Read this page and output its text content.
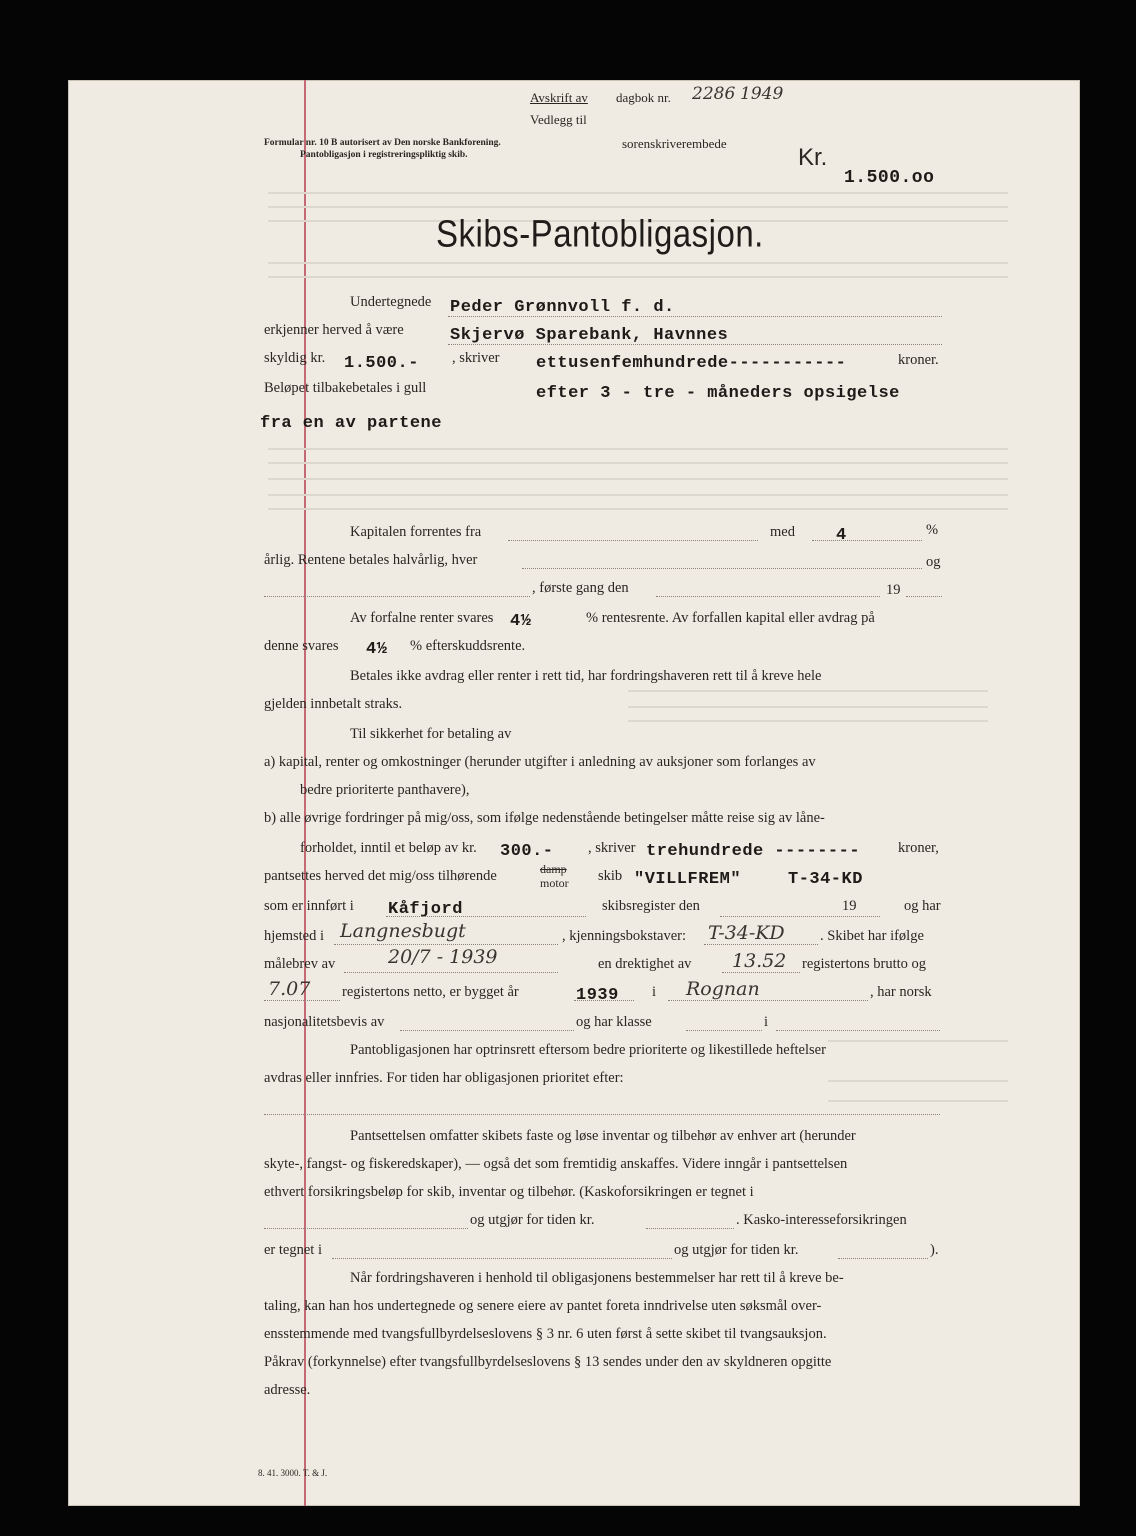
Avskrift av dagbok nr. 2286 1949
Vedlegg til
Formular nr. 10 B autorisert av Den norske Bankforening.
Pantobligasjon i registreringspliktig skib.
sorenskriverembede
Kr.
1.500.oo
Skibs-Pantobligasjon.
Undertegnede Peder Grønnvoll f. d.
erkjenner herved å være	Skjervø Sparebank, Havnnes
skyldig kr. 1.500.- , skriver ettusenfemhundrede-----------	kroner.
Beløpet tilbakebetales i gull	efter 3 - tre - måneders opsigelse
fra en av partene
Kapitalen forrentes fra	med 4	%
årlig. Rentene betales halvårlig, hver	og
, første gang den	19
Av forfalne renter svares 4½	% rentesrente. Av forfallen kapital eller avdrag på
denne svares 4½ % efterskuddsrente.
Betales ikke avdrag eller renter i rett tid, har fordringshaveren rett til å kreve hele
gjelden innbetalt straks.
Til sikkerhet for betaling av
a) kapital, renter og omkostninger (herunder utgifter i anledning av auksjoner som forlanges av
bedre prioriterte panthavere),
b) alle øvrige fordringer på mig/oss, som ifølge nedenstående betingelser måtte reise sig av låne-
forholdet, inntil et beløp av kr. 300.- , skriver trehundrede --------	kroner,
pantsettes herved det mig/oss tilhørende	damp
motor skib "VILLFREM"	T-34-KD
som er innført i Kåfjord	skibsregister den	19	og har
hjemsted i Langnesbugt	, kjenningsbokstaver: T-34-KD . Skibet har ifølge
målebrev av	20/7 - 1939	en drektighet av 13.52 registertons brutto og
7.07 registertons netto, er bygget år	1939 i Rognan	, har norsk
nasjonalitetsbevis av	og har klasse	i
Pantobligasjonen har optrinsrett eftersom bedre prioriterte og likestillede heftelser
avdras eller innfries. For tiden har obligasjonen prioritet efter:
Pantsettelsen omfatter skibets faste og løse inventar og tilbehør av enhver art (herunder
skyte-, fangst- og fiskeredskaper), — også det som fremtidig anskaffes. Videre inngår i pantsettelsen
ethvert forsikringsbeløp for skib, inventar og tilbehør. (Kaskoforsikringen er tegnet i
og utgjør for tiden kr.	. Kasko-interesseforsikringen
er tegnet i	og utgjør for tiden kr.	).
Når fordringshaveren i henhold til obligasjonens bestemmelser har rett til å kreve be-
taling, kan han hos undertegnede og senere eiere av pantet foreta inndrivelse uten søksmål over-
ensstemmende med tvangsfullbyrdelseslovens § 3 nr. 6 uten først å sette skibet til tvangsauksjon.
Påkrav (forkynnelse) efter tvangsfullbyrdelseslovens § 13 sendes under den av skyldneren opgitte
adresse.
8. 41. 3000. T. & J.
